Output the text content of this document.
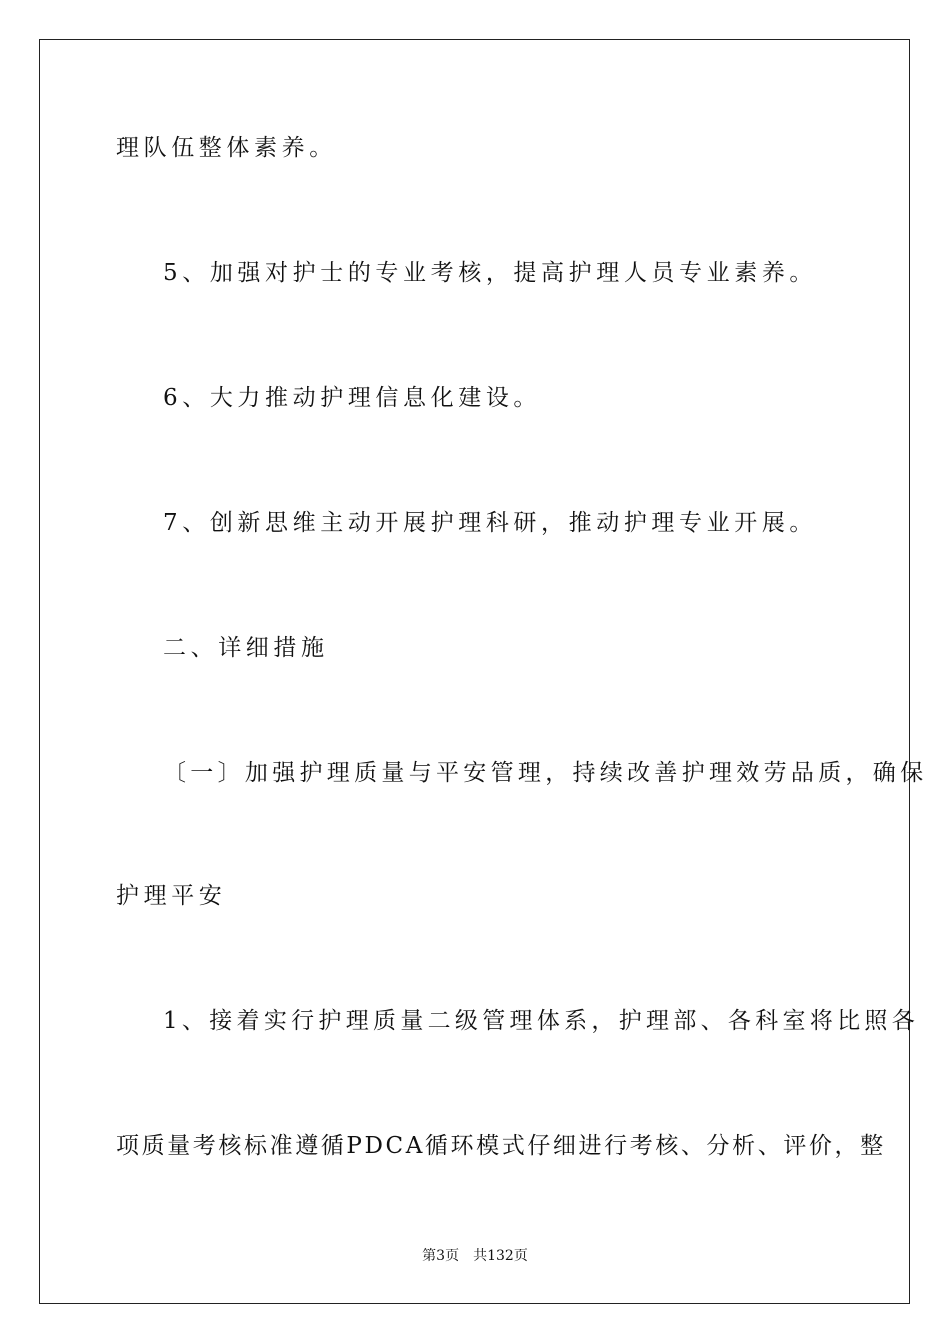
理队伍整体素养。
5、加强对护士的专业考核，提高护理人员专业素养。
6、大力推动护理信息化建设。
7、创新思维主动开展护理科研，推动护理专业开展。
二、详细措施
〔一〕加强护理质量与平安管理，持续改善护理效劳品质，确保
护理平安
1、接着实行护理质量二级管理体系，护理部、各科室将比照各
项质量考核标准遵循PDCA循环模式仔细进行考核、分析、评价，整
第3页 共132页
